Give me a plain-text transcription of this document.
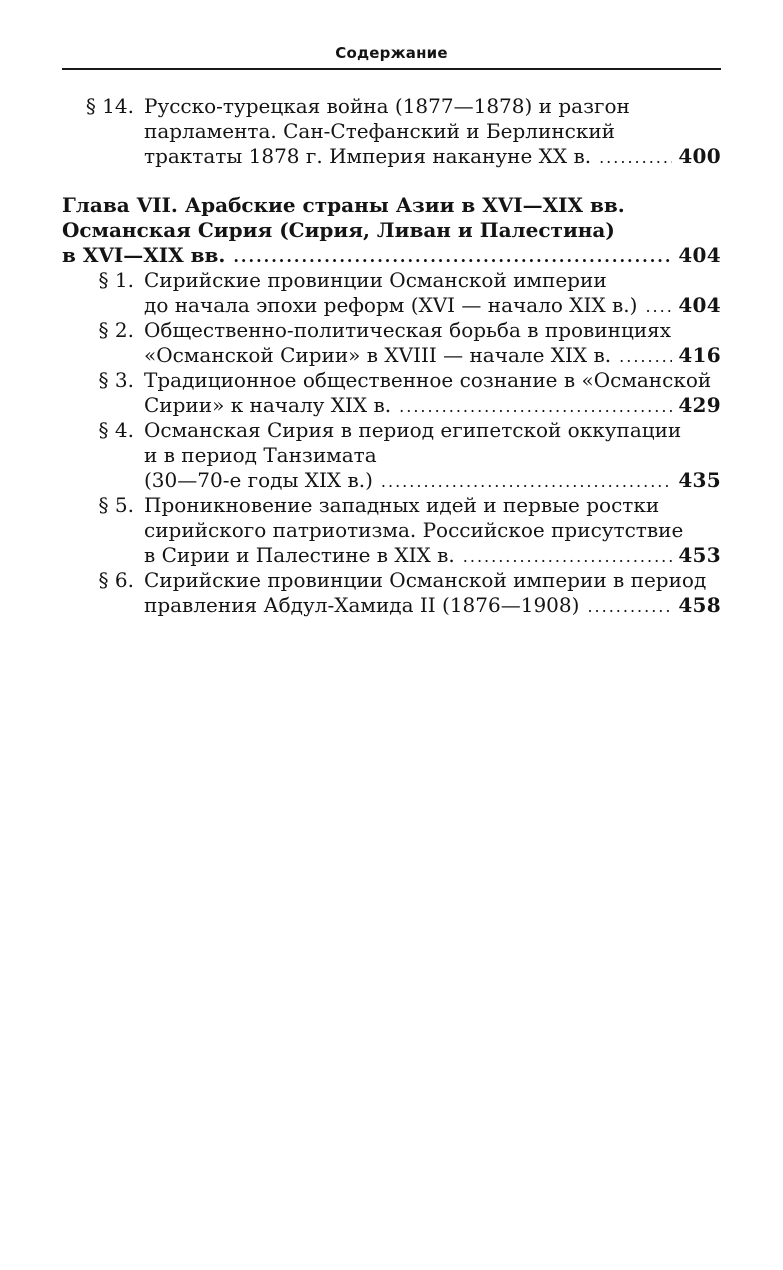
Содержание
§ 14. Русско-турецкая война (1877—1878) и разгон
парламента. Сан-Стефанский и Берлинский
трактаты 1878 г. Империя накануне XX в. .....	400
Глава VII. Арабские страны Азии в XVI—XIX вв.
Османская Сирия (Сирия, Ливан и Палестина)
в XVI—XIX вв. .....	404
§ 1. Сирийские провинции Османской империи
до начала эпохи реформ (XVI — начало XIX в.) ..... 404
§ 2. Общественно-политическая борьба в провинциях
«Османской Сирии» в XVIII — начале XIX в. .....	416
§ 3. Традиционное общественное сознание в «Османской
Сирии» к началу XIX в. .....	429
§ 4. Османская Сирия в период египетской оккупации
и в период Танзимата
(30—70-е годы XIX в.) .....	435
§ 5. Проникновение западных идей и первые ростки
сирийского патриотизма. Российское присутствие
в Сирии и Палестине в XIX в. .....	453
§ 6. Сирийские провинции Османской империи в период
правления Абдул-Хамида II (1876—1908) .....	458
